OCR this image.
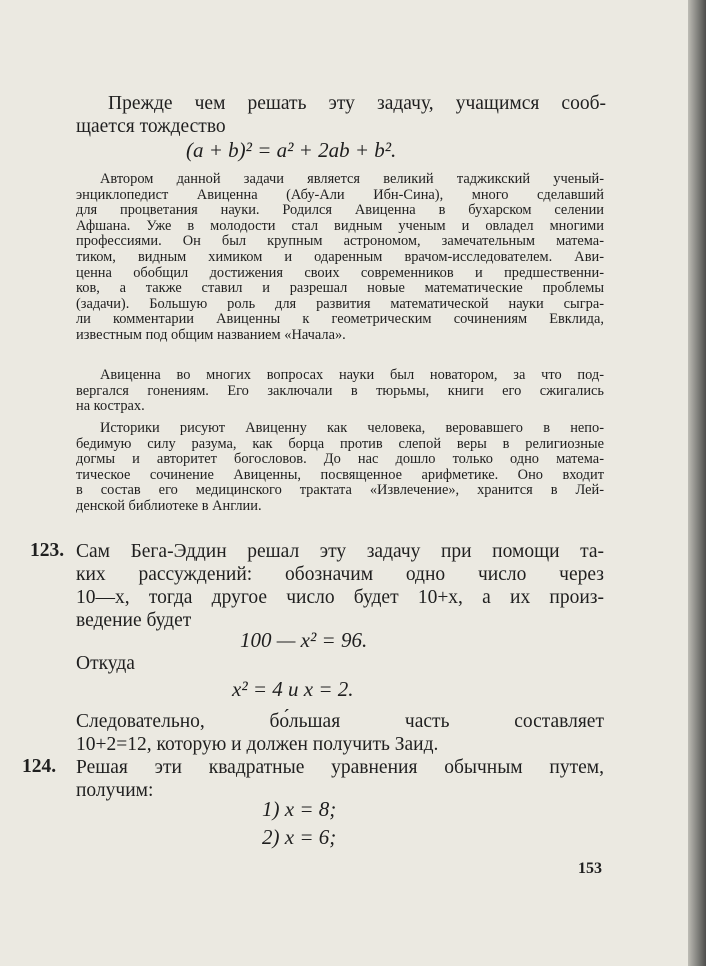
Прежде чем решать эту задачу, учащимся сооб-
щается тождество
(a + b)² = a² + 2ab + b².
Автором данной задачи является великий таджикский ученый-
энциклопедист Авиценна (Абу-Али Ибн-Сина), много сделавший
для процветания науки. Родился Авиценна в бухарском селении
Афшана. Уже в молодости стал видным ученым и овладел многими
профессиями. Он был крупным астрономом, замечательным матема-
тиком, видным химиком и одаренным врачом-исследователем. Ави-
ценна обобщил достижения своих современников и предшественни-
ков, а также ставил и разрешал новые математические проблемы
(задачи). Большую роль для развития математической науки сыгра-
ли комментарии Авиценны к геометрическим сочинениям Евклида,
известным под общим названием «Начала».
Авиценна во многих вопросах науки был новатором, за что под-
вергался гонениям. Его заключали в тюрьмы, книги его сжигались
на кострах.
Историки рисуют Авиценну как человека, веровавшего в непо-
бедимую силу разума, как борца против слепой веры в религиозные
догмы и авторитет богословов. До нас дошло только одно матема-
тическое сочинение Авиценны, посвященное арифметике. Оно входит
в состав его медицинского трактата «Извлечение», хранится в Лей-
денской библиотеке в Англии.
123. Сам Бега-Эддин решал эту задачу при помощи та-
ких рассуждений: обозначим одно число через
10—x, тогда другое число будет 10+x, а их произ-
ведение будет
100 — x² = 96.
Откуда
x² = 4 и x = 2.
Следовательно, бо́льшая часть составляет
10+2=12, которую и должен получить Заид.
124. Решая эти квадратные уравнения обычным путем,
получим:
1) x = 8;
2) x = 6;
153
